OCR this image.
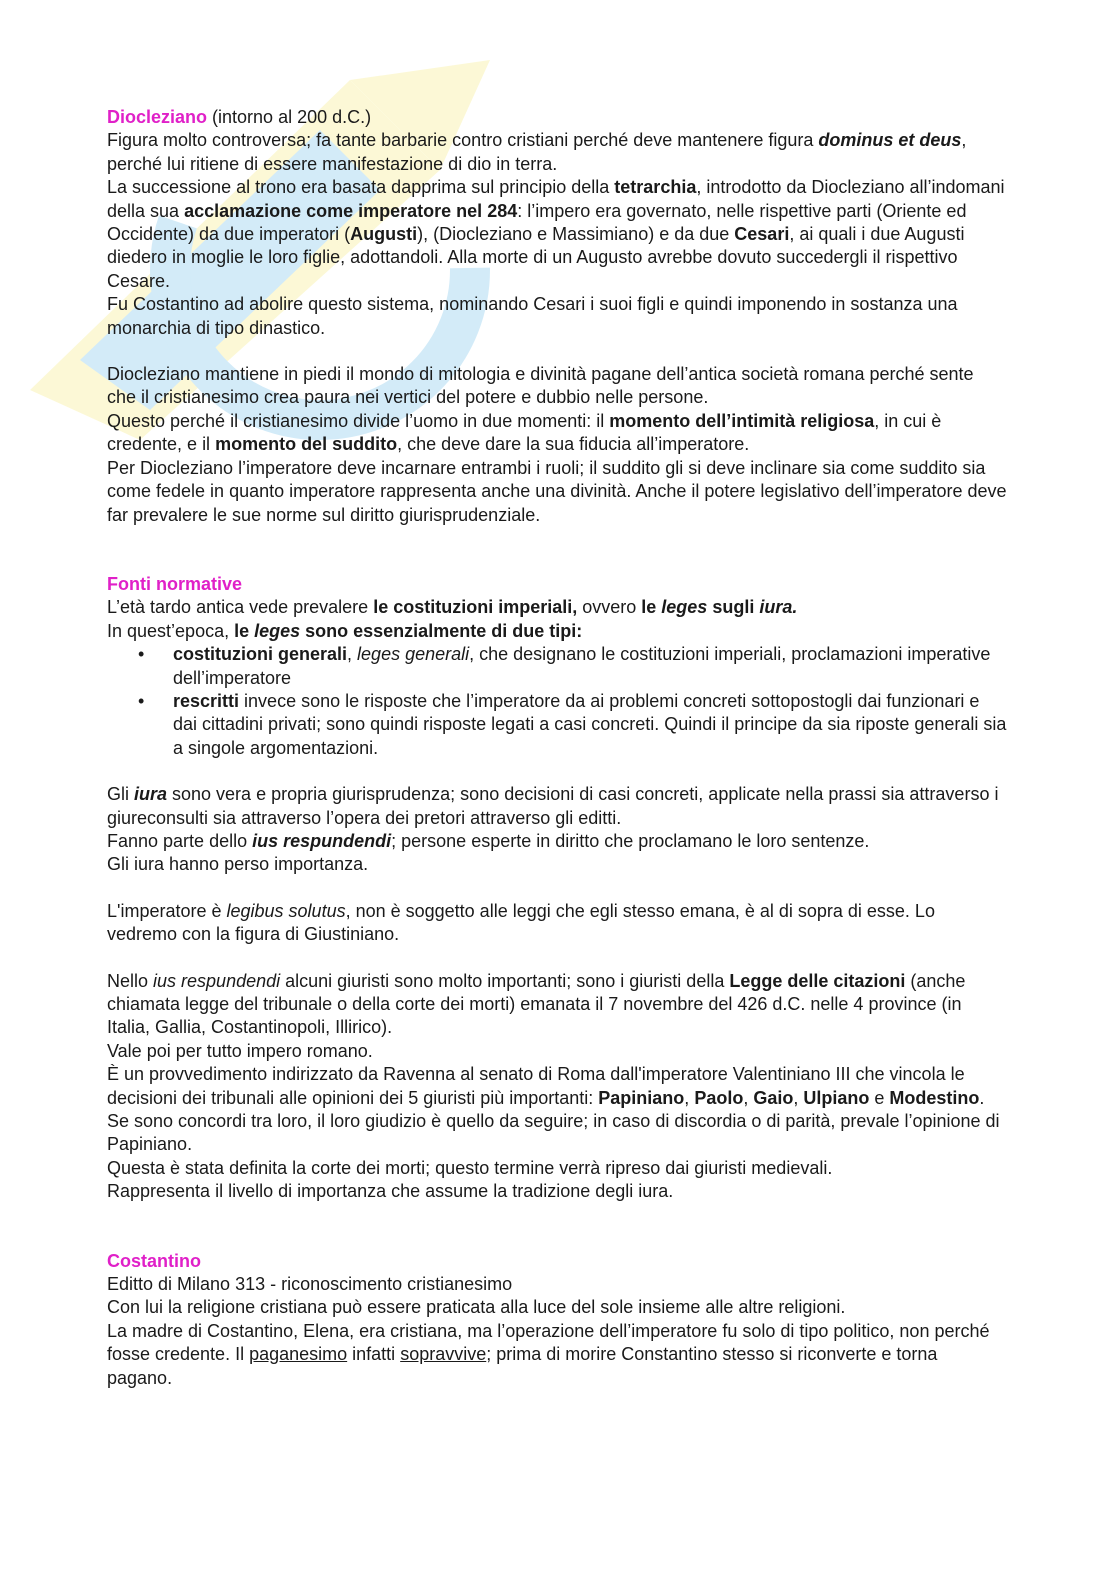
Diocleziano (intorno al 200 d.C.)

Figura molto controversa; fa tante barbarie contro cristiani perché deve mantenere figura dominus et deus, perché lui ritiene di essere manifestazione di dio in terra.

La successione al trono era basata dapprima sul principio della tetrarchia, introdotto da Diocleziano all’indomani della sua acclamazione come imperatore nel 284: l’impero era governato, nelle rispettive parti (Oriente ed Occidente) da due imperatori (Augusti), (Diocleziano e Massimiano) e da due Cesari, ai quali i due Augusti diedero in moglie le loro figlie, adottandoli. Alla morte di un Augusto avrebbe dovuto succedergli il rispettivo Cesare.

Fu Costantino ad abolire questo sistema, nominando Cesari i suoi figli e quindi imponendo in sostanza una monarchia di tipo dinastico.

Diocleziano mantiene in piedi il mondo di mitologia e divinità pagane dell’antica società romana perché sente che il cristianesimo crea paura nei vertici del potere e dubbio nelle persone.

Questo perché il cristianesimo divide l’uomo in due momenti: il momento dell’intimità religiosa, in cui è credente, e il momento del suddito, che deve dare la sua fiducia all’imperatore.

Per Diocleziano l’imperatore deve incarnare entrambi i ruoli; il suddito gli si deve inclinare sia come suddito sia come fedele in quanto imperatore rappresenta anche una divinità. Anche il potere legislativo dell’imperatore deve far prevalere le sue norme sul diritto giurisprudenziale.

Fonti normative

L’età tardo antica vede prevalere le costituzioni imperiali, ovvero le leges sugli iura.

In quest’epoca, le leges sono essenzialmente di due tipi:

• costituzioni generali, leges generali, che designano le costituzioni imperiali, proclamazioni imperative dell’imperatore
• rescritti invece sono le risposte che l’imperatore da ai problemi concreti sottopostogli dai funzionari e dai cittadini privati; sono quindi risposte legati a casi concreti. Quindi il principe da sia riposte generali sia a singole argomentazioni.

Gli iura sono vera e propria giurisprudenza; sono decisioni di casi concreti, applicate nella prassi sia attraverso i giureconsulti sia attraverso l’opera dei pretori attraverso gli editti.

Fanno parte dello ius respundendi; persone esperte in diritto che proclamano le loro sentenze.

Gli iura hanno perso importanza.

L'imperatore è legibus solutus, non è soggetto alle leggi che egli stesso emana, è al di sopra di esse. Lo vedremo con la figura di Giustiniano.

Nello ius respundendi alcuni giuristi sono molto importanti; sono i giuristi della Legge delle citazioni (anche chiamata legge del tribunale o della corte dei morti) emanata il 7 novembre del 426 d.C. nelle 4 province (in Italia, Gallia, Costantinopoli, Illirico).

Vale poi per tutto impero romano.

È un provvedimento indirizzato da Ravenna al senato di Roma dall'imperatore Valentiniano III che vincola le decisioni dei tribunali alle opinioni dei 5 giuristi più importanti: Papiniano, Paolo, Gaio, Ulpiano e Modestino. Se sono concordi tra loro, il loro giudizio è quello da seguire; in caso di discordia o di parità, prevale l’opinione di Papiniano.

Questa è stata definita la corte dei morti; questo termine verrà ripreso dai giuristi medievali.

Rappresenta il livello di importanza che assume la tradizione degli iura.

Costantino

Editto di Milano 313 - riconoscimento cristianesimo

Con lui la religione cristiana può essere praticata alla luce del sole insieme alle altre religioni.

La madre di Costantino, Elena, era cristiana, ma l’operazione dell’imperatore fu solo di tipo politico, non perché fosse credente. Il paganesimo infatti sopravvive; prima di morire Constantino stesso si riconverte e torna pagano.
